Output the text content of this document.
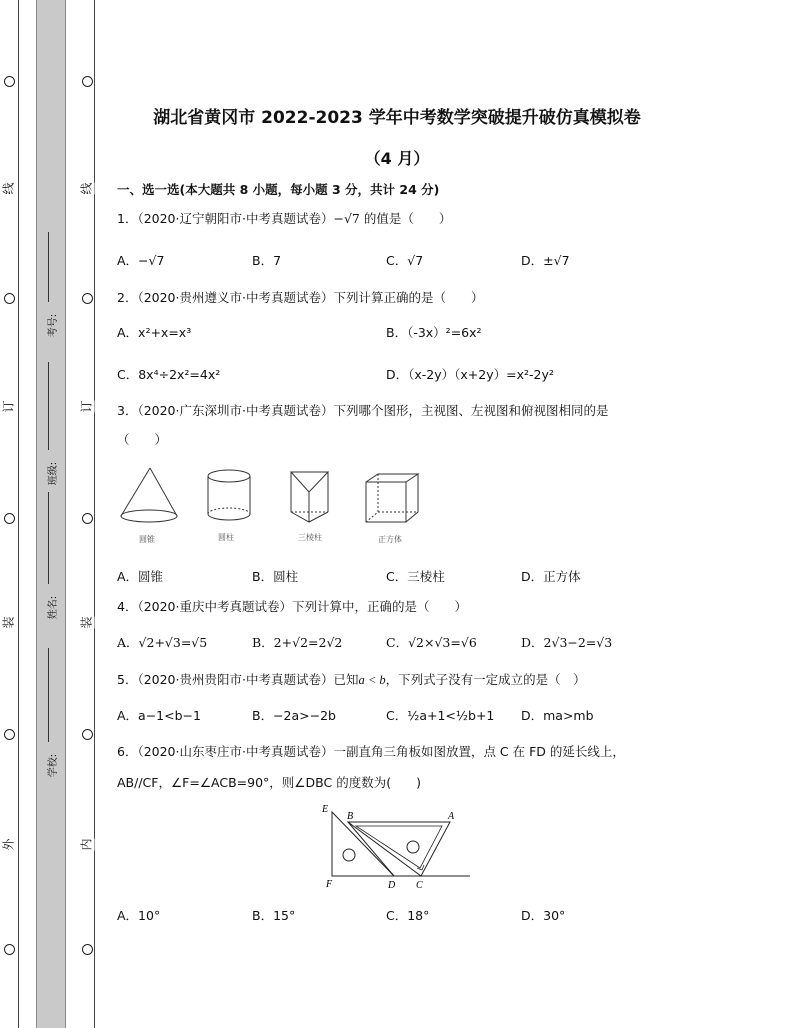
线
订
装
外
线
订
装
内
考号:
班级:
姓名:
学校:
湖北省黄冈市 2022-2023 学年中考数学突破提升破仿真模拟卷
（4 月）
一、选一选(本大题共 8 小题，每小题 3 分，共计 24 分)
1．（2020·辽宁朝阳市·中考真题试卷）−√7 的值是（　　）
A．−√7	B．7	C．√7	D．±√7
2．（2020·贵州遵义市·中考真题试卷）下列计算正确的是（　　）
A．x²+x=x³	B．（-3x）²=6x²
C．8x⁴÷2x²=4x²	D．（x-2y）（x+2y）=x²-2y²
3．（2020·广东深圳市·中考真题试卷）下列哪个图形，主视图、左视图和俯视图相同的是
（　　）
圆锥	圆柱	三棱柱	正方体
A．圆锥	B．圆柱	C．三棱柱	D．正方体
4．（2020·重庆中考真题试卷）下列计算中，正确的是（　　）
A．√2+√3=√5	B．2+√2=2√2	C．√2×√3=√6	D．2√3−2=√3
5．（2020·贵州贵阳市·中考真题试卷）已知a < b，下列式子没有一定成立的是（　）
A．a−1<b−1	B．−2a>−2b	C．½a+1<½b+1 D．ma>mb
6．（2020·山东枣庄市·中考真题试卷）一副直角三角板如图放置，点 C 在 FD 的延长线上，
AB//CF，∠F=∠ACB=90°，则∠DBC 的度数为(　　)
E
B	A
F	D C
A．10°	B．15°	C．18°	D．30°
